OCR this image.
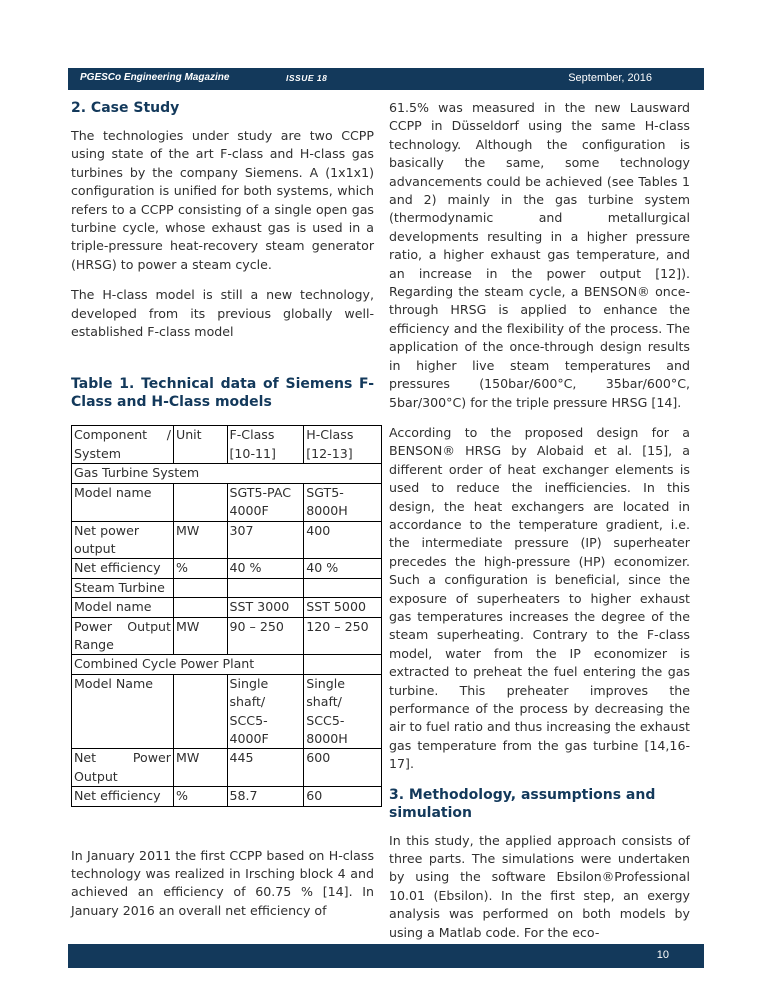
PGESCo Engineering Magazine	ISSUE 18	September, 2016
2. Case Study

The technologies under study are two CCPP using state of the art F-class and H-class gas turbines by the company Siemens. A (1x1x1) configuration is unified for both systems, which refers to a CCPP consisting of a single open gas turbine cycle, whose exhaust gas is used in a triple-pressure heat-recovery steam generator (HRSG) to power a steam cycle.

The H-class model is still a new technology, developed from its previous globally well-established F-class model

Table 1. Technical data of Siemens F-Class and H-Class models
Component / System	Unit	F-Class [10-11]	H-Class [12-13]
Gas Turbine System			
Model name		SGT5-PAC 4000F	SGT5-8000H
Net power output	MW	307	400
Net efficiency	%	40 %	40 %
Steam Turbine			
Model name		SST 3000	SST 5000
Power Output Range	MW	90 – 250	120 – 250
Combined Cycle Power Plant			
Model Name		Single shaft/ SCC5-4000F	Single shaft/ SCC5-8000H
Net Power Output	MW	445	600
Net efficiency	%	58.7	60

In January 2011 the first CCPP based on H-class technology was realized in Irsching block 4 and achieved an efficiency of 60.75 % [14]. In January 2016 an overall net efficiency of

61.5% was measured in the new Lausward CCPP in Düsseldorf using the same H-class technology. Although the configuration is basically the same, some technology advancements could be achieved (see Tables 1 and 2) mainly in the gas turbine system (thermodynamic and metallurgical developments resulting in a higher pressure ratio, a higher exhaust gas temperature, and an increase in the power output [12]). Regarding the steam cycle, a BENSON® once-through HRSG is applied to enhance the efficiency and the flexibility of the process. The application of the once-through design results in higher live steam temperatures and pressures (150bar/600°C, 35bar/600°C, 5bar/300°C) for the triple pressure HRSG [14].

According to the proposed design for a BENSON® HRSG by Alobaid et al. [15], a different order of heat exchanger elements is used to reduce the inefficiencies. In this design, the heat exchangers are located in accordance to the temperature gradient, i.e. the intermediate pressure (IP) superheater precedes the high-pressure (HP) economizer. Such a configuration is beneficial, since the exposure of superheaters to higher exhaust gas temperatures increases the degree of the steam superheating. Contrary to the F-class model, water from the IP economizer is extracted to preheat the fuel entering the gas turbine. This preheater improves the performance of the process by decreasing the air to fuel ratio and thus increasing the exhaust gas temperature from the gas turbine [14,16-17].

3. Methodology, assumptions and simulation

In this study, the applied approach consists of three parts. The simulations were undertaken by using the software Ebsilon®Professional 10.01 (Ebsilon). In the first step, an exergy analysis was performed on both models by using a Matlab code. For the eco-

10
